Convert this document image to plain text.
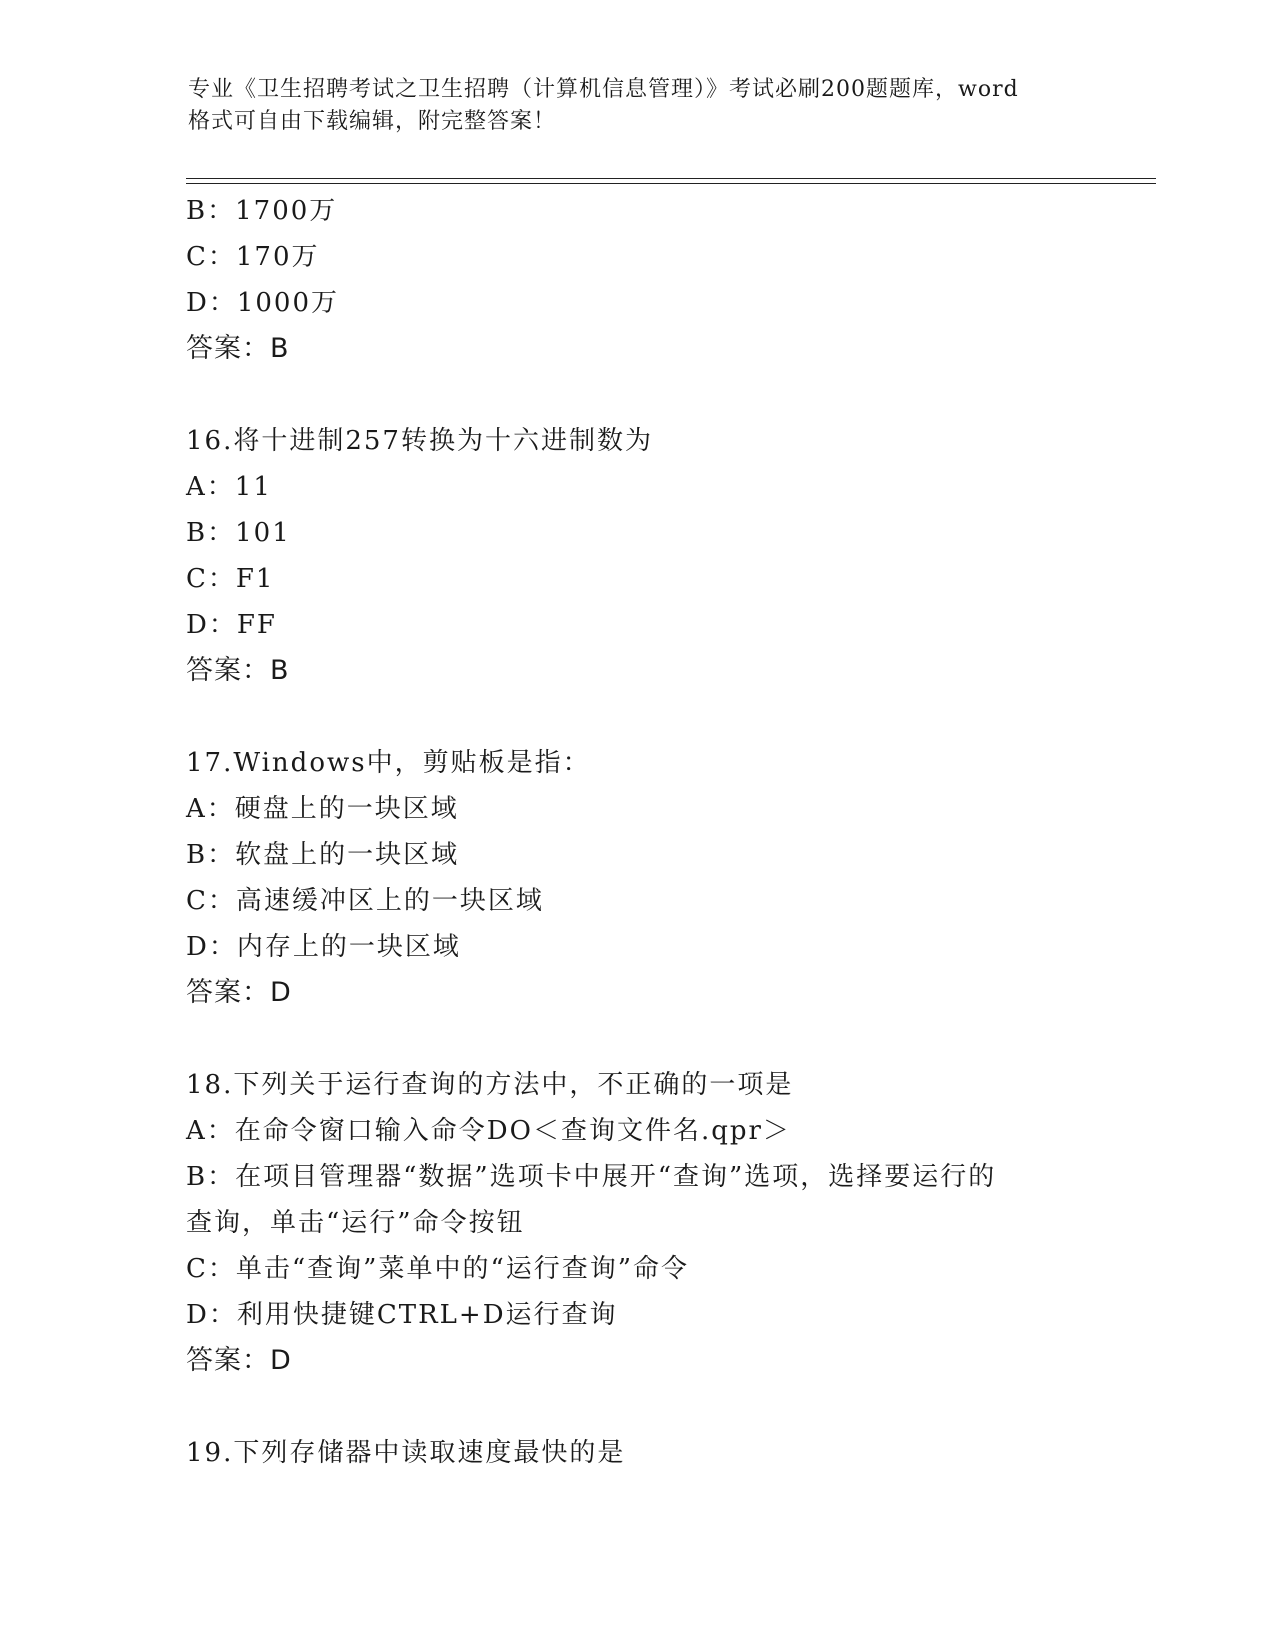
专业《卫生招聘考试之卫生招聘（计算机信息管理）》考试必刷200题题库，word
格式可自由下载编辑，附完整答案！
B：1700万
C：170万
D：1000万
答案：B
16.将十进制257转换为十六进制数为
A：11
B：101
C：F1
D：FF
答案：B
17.Windows中，剪贴板是指：
A：硬盘上的一块区域
B：软盘上的一块区域
C：高速缓冲区上的一块区域
D：内存上的一块区域
答案：D
18.下列关于运行查询的方法中，不正确的一项是
A：在命令窗口输入命令DO＜查询文件名.qpr＞
B：在项目管理器“数据”选项卡中展开“查询”选项，选择要运行的
查询，单击“运行”命令按钮
C：单击“查询”菜单中的“运行查询”命令
D：利用快捷键CTRL+D运行查询
答案：D
19.下列存储器中读取速度最快的是
